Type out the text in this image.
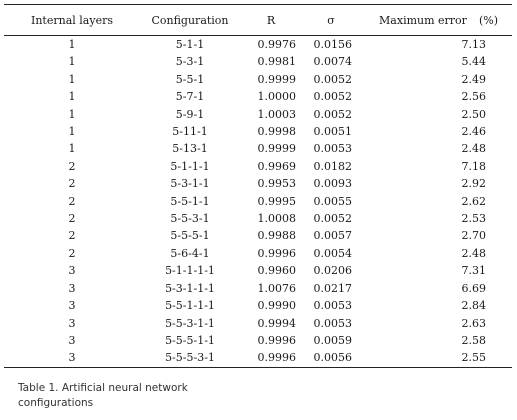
Internal layers	Configuration	R	σ	Maximum error (%)
1	5-1-1	0.9976	0.0156	7.13
1	5-3-1	0.9981	0.0074	5.44
1	5-5-1	0.9999	0.0052	2.49
1	5-7-1	1.0000	0.0052	2.56
1	5-9-1	1.0003	0.0052	2.50
1	5-11-1	0.9998	0.0051	2.46
1	5-13-1	0.9999	0.0053	2.48
2	5-1-1-1	0.9969	0.0182	7.18
2	5-3-1-1	0.9953	0.0093	2.92
2	5-5-1-1	0.9995	0.0055	2.62
2	5-5-3-1	1.0008	0.0052	2.53
2	5-5-5-1	0.9988	0.0057	2.70
2	5-6-4-1	0.9996	0.0054	2.48
3	5-1-1-1-1	0.9960	0.0206	7.31
3	5-3-1-1-1	1.0076	0.0217	6.69
3	5-5-1-1-1	0.9990	0.0053	2.84
3	5-5-3-1-1	0.9994	0.0053	2.63
3	5-5-5-1-1	0.9996	0.0059	2.58
3	5-5-5-3-1	0.9996	0.0056	2.55
Table 1. Artificial neural network configurations
